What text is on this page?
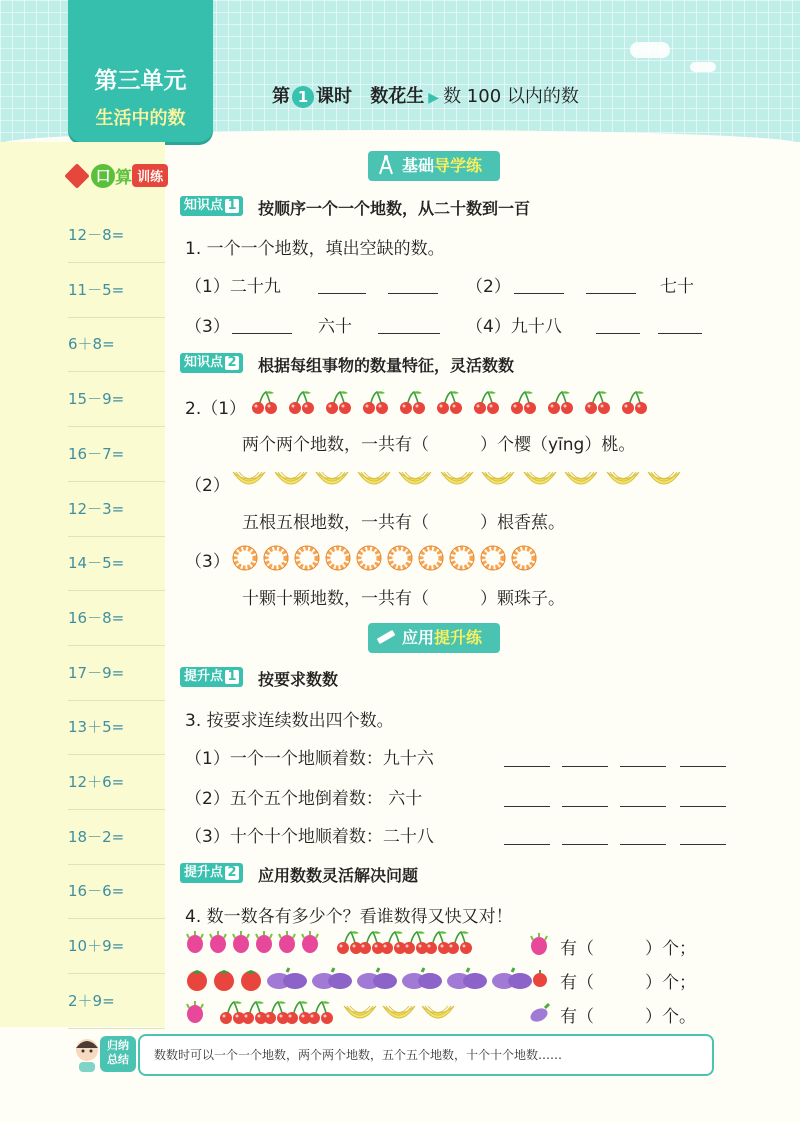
第三单元
生活中的数
第 1 课时 数花生 ▶ 数 100 以内的数
口 算 训练
12－8=
11－5=
6＋8=
15－9=
16－7=
12－3=
14－5=
16－8=
17－9=
13＋5=
12＋6=
18－2=
16－6=
10＋9=
2＋9=
基础导学练
知识点 1	按顺序一个一个地数，从二十数到一百
1. 一个一个地数，填出空缺的数。
（1）二十九	（2）	七十
（3）	六十	（4）九十八
知识点 2	根据每组事物的数量特征，灵活数数
2.（1）
两个两个地数，一共有（　　　）个樱（yīng）桃。
（2）
五根五根地数，一共有（　　　）根香蕉。
（3）
十颗十颗地数，一共有（　　　）颗珠子。
应用提升练
提升点 1	按要求数数
3. 按要求连续数出四个数。
（1）一个一个地顺着数：九十六
（2）五个五个地倒着数： 六十
（3）十个十个地顺着数：二十八
提升点 2	应用数数灵活解决问题
4. 数一数各有多少个？看谁数得又快又对！
有（　　　）个；
有（　　　）个；
有（　　　）个。
归纳
总结	数数时可以一个一个地数，两个两个地数，五个五个地数，十个十个地数……
